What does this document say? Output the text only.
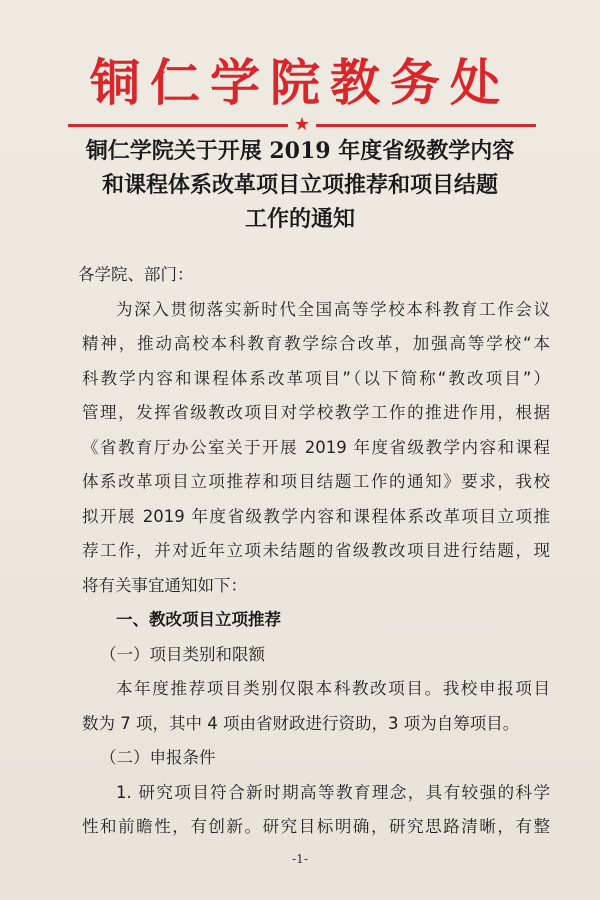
铜仁学院教务处
★
铜仁学院关于开展 2019 年度省级教学内容
和课程体系改革项目立项推荐和项目结题
工作的通知
各学院、部门：
为深入贯彻落实新时代全国高等学校本科教育工作会议
精神，推动高校本科教育教学综合改革，加强高等学校“本
科教学内容和课程体系改革项目”（以下简称“教改项目”）
管理，发挥省级教改项目对学校教学工作的推进作用，根据
《省教育厅办公室关于开展 2019 年度省级教学内容和课程
体系改革项目立项推荐和项目结题工作的通知》要求，我校
拟开展 2019 年度省级教学内容和课程体系改革项目立项推
荐工作，并对近年立项未结题的省级教改项目进行结题，现
将有关事宜通知如下：
一、教改项目立项推荐
（一）项目类别和限额
本年度推荐项目类别仅限本科教改项目。我校申报项目
数为 7 项，其中 4 项由省财政进行资助，3 项为自筹项目。
（二）申报条件
1. 研究项目符合新时期高等教育理念，具有较强的科学
性和前瞻性，有创新。研究目标明确，研究思路清晰，有整
-1-
